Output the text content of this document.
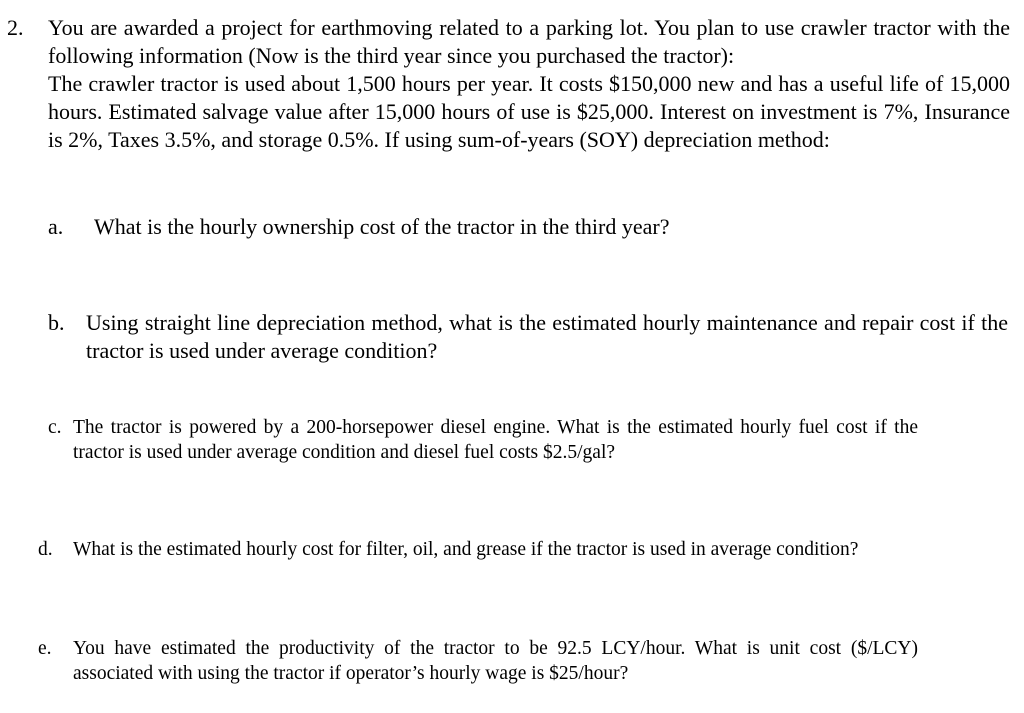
2. You are awarded a project for earthmoving related to a parking lot. You plan to use crawler tractor with the following information (Now is the third year since you purchased the tractor):

The crawler tractor is used about 1,500 hours per year. It costs $150,000 new and has a useful life of 15,000 hours. Estimated salvage value after 15,000 hours of use is $25,000. Interest on investment is 7%, Insurance is 2%, Taxes 3.5%, and storage 0.5%. If using sum-of-years (SOY) depreciation method:

a. What is the hourly ownership cost of the tractor in the third year?
b. Using straight line depreciation method, what is the estimated hourly maintenance and repair cost if the tractor is used under average condition?
c. The tractor is powered by a 200-horsepower diesel engine. What is the estimated hourly fuel cost if the tractor is used under average condition and diesel fuel costs $2.5/gal?
d. What is the estimated hourly cost for filter, oil, and grease if the tractor is used in average condition?
e. You have estimated the productivity of the tractor to be 92.5 LCY/hour. What is unit cost ($/LCY) associated with using the tractor if operator’s hourly wage is $25/hour?
